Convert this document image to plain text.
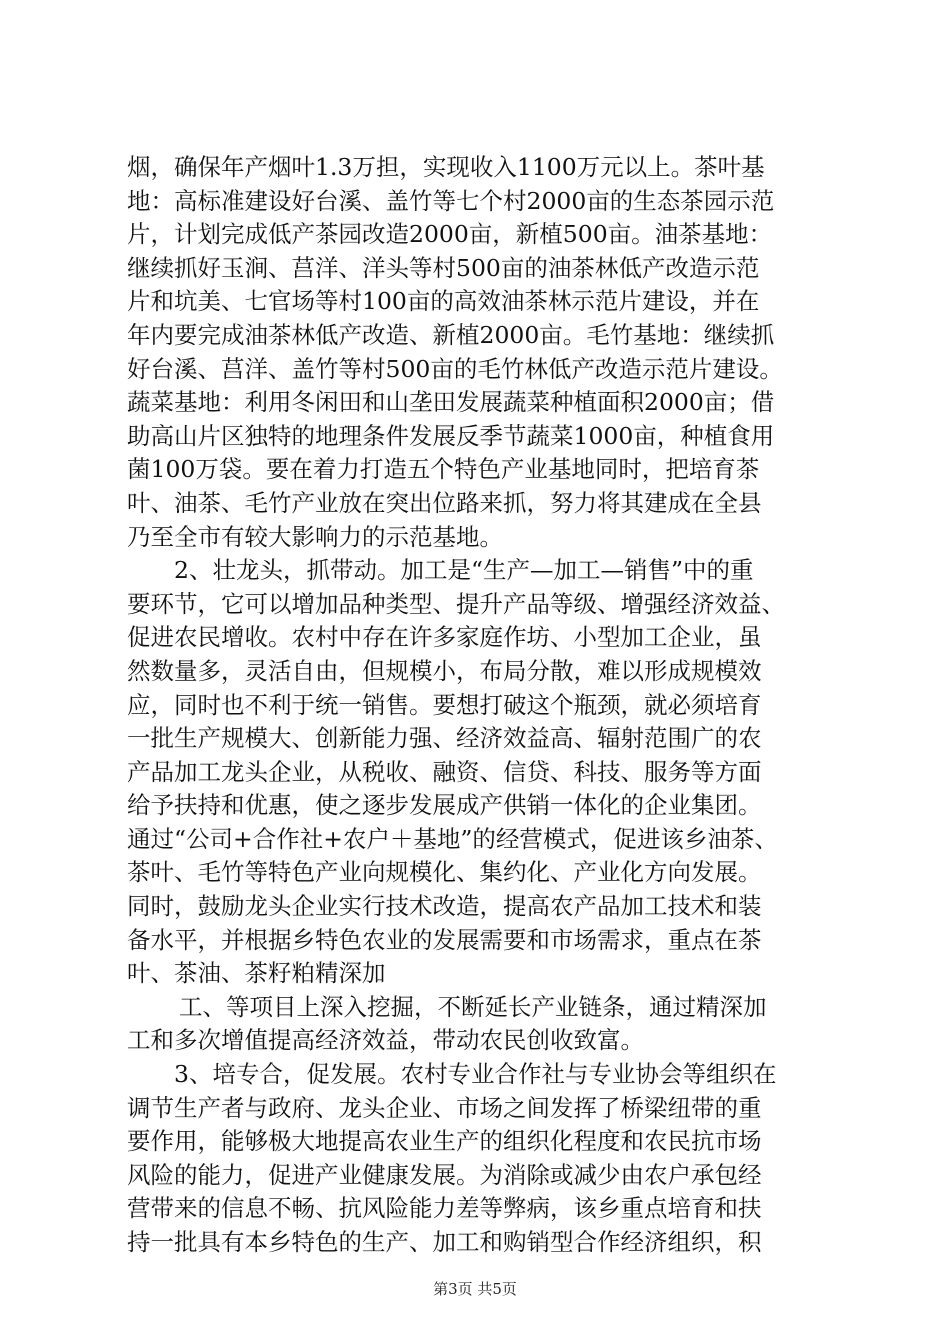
烟，确保年产烟叶1.3万担，实现收入1100万元以上。茶叶基
地：高标准建设好台溪、盖竹等七个村2000亩的生态茶园示范
片，计划完成低产茶园改造2000亩，新植500亩。油茶基地：
继续抓好玉涧、莒洋、洋头等村500亩的油茶林低产改造示范
片和坑美、七官场等村100亩的高效油茶林示范片建设，并在
年内要完成油茶林低产改造、新植2000亩。毛竹基地：继续抓
好台溪、莒洋、盖竹等村500亩的毛竹林低产改造示范片建设。
蔬菜基地：利用冬闲田和山垄田发展蔬菜种植面积2000亩；借
助高山片区独特的地理条件发展反季节蔬菜1000亩，种植食用
菌100万袋。要在着力打造五个特色产业基地同时，把培育茶
叶、油茶、毛竹产业放在突出位路来抓，努力将其建成在全县
乃至全市有较大影响力的示范基地。
2、壮龙头，抓带动。加工是“生产—加工—销售”中的重
要环节，它可以增加品种类型、提升产品等级、增强经济效益、
促进农民增收。农村中存在许多家庭作坊、小型加工企业，虽
然数量多，灵活自由，但规模小，布局分散，难以形成规模效
应，同时也不利于统一销售。要想打破这个瓶颈，就必须培育
一批生产规模大、创新能力强、经济效益高、辐射范围广的农
产品加工龙头企业，从税收、融资、信贷、科技、服务等方面
给予扶持和优惠，使之逐步发展成产供销一体化的企业集团。
通过“公司+合作社+农户＋基地”的经营模式，促进该乡油茶、
茶叶、毛竹等特色产业向规模化、集约化、产业化方向发展。
同时，鼓励龙头企业实行技术改造，提高农产品加工技术和装
备水平，并根据乡特色农业的发展需要和市场需求，重点在茶
叶、茶油、茶籽粕精深加
工、等项目上深入挖掘，不断延长产业链条，通过精深加
工和多次增值提高经济效益，带动农民创收致富。
3、培专合，促发展。农村专业合作社与专业协会等组织在
调节生产者与政府、龙头企业、市场之间发挥了桥梁纽带的重
要作用，能够极大地提高农业生产的组织化程度和农民抗市场
风险的能力，促进产业健康发展。为消除或减少由农户承包经
营带来的信息不畅、抗风险能力差等弊病，该乡重点培育和扶
持一批具有本乡特色的生产、加工和购销型合作经济组织，积
第3页 共5页
